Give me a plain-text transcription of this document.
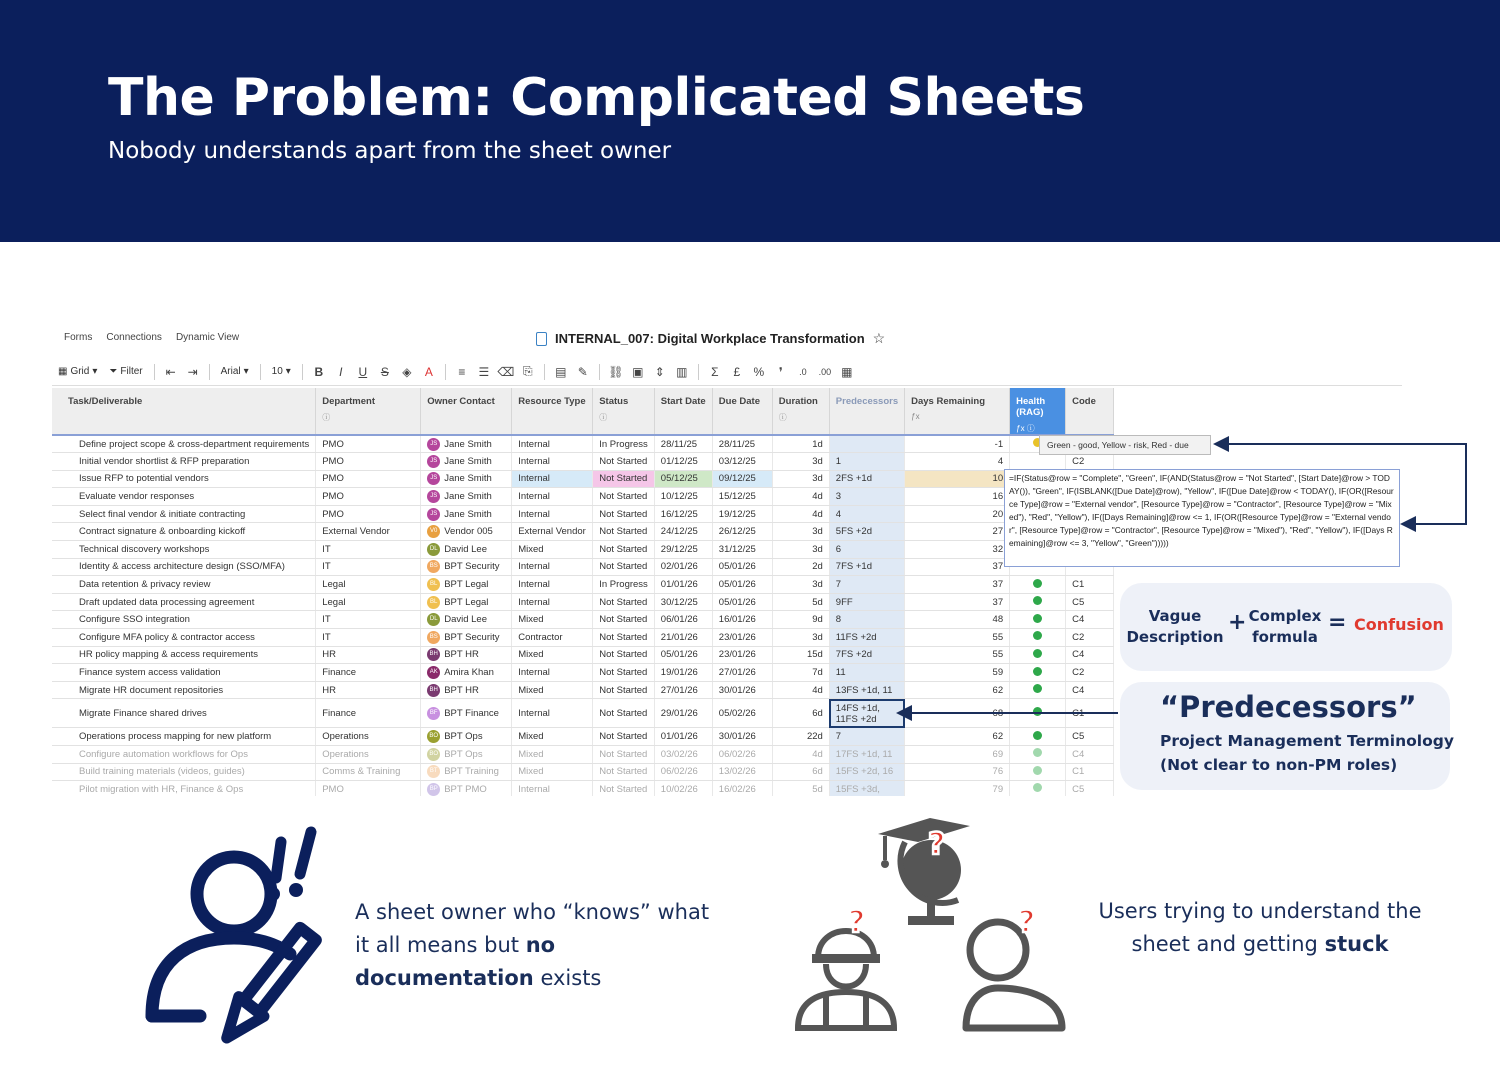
The Problem: Complicated Sheets

Nobody understands apart from the sheet owner

Forms Connections Dynamic View	INTERNAL_007: Digital Workplace Transformation ☆
▦ Grid ▾ ⏷ Filter	⇤ ⇥	Arial ▾ 10 ▾	B	I	U	S	◈	A	≡	☰ ⌫ ⎘	▤ ✎	⛓ ▣ ⇕ ▥	Σ	£	%	❜	.0	.00 ▦
Task/Deliverable	Department
ⓘ	Owner Contact	Resource Type	Status
ⓘ	Start Date	Due Date	Duration
ⓘ	Predecessors	Days Remaining
ƒx	Health (RAG)
ƒx ⓘ	Code
Define project scope & cross-department requirements	PMO	JS Jane Smith	Internal	In Progress	28/11/25	28/11/25	1d		-1		
Initial vendor shortlist & RFP preparation	PMO	JS Jane Smith	Internal	Not Started	01/12/25	03/12/25	3d	1	4		C2
Issue RFP to potential vendors	PMO	JS Jane Smith	Internal	Not Started	05/12/25	09/12/25	3d	2FS +1d	10		
Evaluate vendor responses	PMO	JS Jane Smith	Internal	Not Started	10/12/25	15/12/25	4d	3	16		
Select final vendor & initiate contracting	PMO	JS Jane Smith	Internal	Not Started	16/12/25	19/12/25	4d	4	20		
Contract signature & onboarding kickoff	External Vendor	V0 Vendor 005	External Vendor	Not Started	24/12/25	26/12/25	3d	5FS +2d	27		
Technical discovery workshops	IT	DL David Lee	Mixed	Not Started	29/12/25	31/12/25	3d	6	32		
Identity & access architecture design (SSO/MFA)	IT	BS BPT Security	Internal	Not Started	02/01/26	05/01/26	2d	7FS +1d	37		
Data retention & privacy review	Legal	BL BPT Legal	Internal	In Progress	01/01/26	05/01/26	3d	7	37		C1
Draft updated data processing agreement	Legal	BL BPT Legal	Internal	Not Started	30/12/25	05/01/26	5d	9FF	37		C5
Configure SSO integration	IT	DL David Lee	Mixed	Not Started	06/01/26	16/01/26	9d	8	48		C4
Configure MFA policy & contractor access	IT	BS BPT Security	Contractor	Not Started	21/01/26	23/01/26	3d	11FS +2d	55		C2
HR policy mapping & access requirements	HR	BH BPT HR	Mixed	Not Started	05/01/26	23/01/26	15d	7FS +2d	55		C4
Finance system access validation	Finance	AK Amira Khan	Internal	Not Started	19/01/26	27/01/26	7d	11	59		C2
Migrate HR document repositories	HR	BH BPT HR	Mixed	Not Started	27/01/26	30/01/26	4d	13FS +1d, 11	62		C4
Migrate Finance shared drives	Finance	BF BPT Finance	Internal	Not Started	29/01/26	05/02/26	6d	14FS +1d, 11FS +2d	68		C1
Operations process mapping for new platform	Operations	BO BPT Ops	Mixed	Not Started	01/01/26	30/01/26	22d	7	62		C5
Configure automation workflows for Ops	Operations	BO BPT Ops	Mixed	Not Started	03/02/26	06/02/26	4d	17FS +1d, 11	69		C4
Build training materials (videos, guides)	Comms & Training	BT BPT Training	Mixed	Not Started	06/02/26	13/02/26	6d	15FS +2d, 16	76		C1
Pilot migration with HR, Finance & Ops	PMO	BP BPT PMO	Internal	Not Started	10/02/26	16/02/26	5d	15FS +3d,	79		C5
Green - good, Yellow - risk, Red - due
=IF(Status@row = "Complete", "Green", IF(AND(Status@row = "Not Started", [Start Date]@row > TODAY()), "Green", IF(ISBLANK([Due Date]@row), "Yellow", IF([Due Date]@row < TODAY(), IF(OR([Resource Type]@row = "External vendor", [Resource Type]@row = "Contractor", [Resource Type]@row = "Mixed"), "Red", "Yellow"), IF([Days Remaining]@row <= 1, IF(OR([Resource Type]@row = "External vendor", [Resource Type]@row = "Contractor", [Resource Type]@row = "Mixed"), "Red", "Yellow"), IF([Days Remaining]@row <= 3, "Yellow", "Green")))))
Vague Description
+ Complex formula
= Confusion
“Predecessors”
Project Management Terminology
(Not clear to non-PM roles)
A sheet owner who “knows” what it all means but no documentation exists
?
?	?	Users trying to understand the sheet and getting stuck
